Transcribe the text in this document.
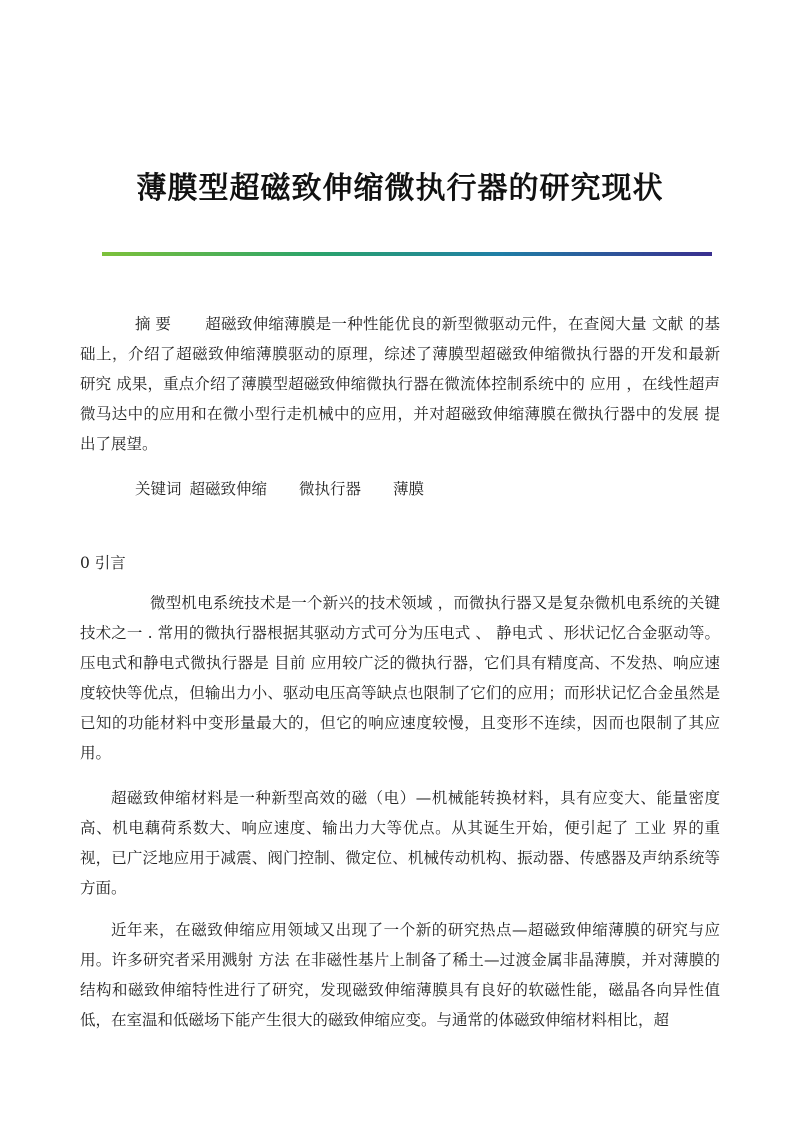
薄膜型超磁致伸缩微执行器的研究现状

摘 要 超磁致伸缩薄膜是一种性能优良的新型微驱动元件，在查阅大量 文献 的基础上，介绍了超磁致伸缩薄膜驱动的原理，综述了薄膜型超磁致伸缩微执行器的开发和最新 研究 成果，重点介绍了薄膜型超磁致伸缩微执行器在微流体控制系统中的 应用 ，在线性超声微马达中的应用和在微小型行走机械中的应用，并对超磁致伸缩薄膜在微执行器中的发展 提出了展望。

关键词 超磁致伸缩 微执行器 薄膜

0 引言

微型机电系统技术是一个新兴的技术领域 ，而微执行器又是复杂微机电系统的关键技术之一 . 常用的微执行器根据其驱动方式可分为压电式 、 静电式 、形状记忆合金驱动等。 压电式和静电式微执行器是 目前 应用较广泛的微执行器，它们具有精度高、不发热、响应速度较快等优点，但输出力小、驱动电压高等缺点也限制了它们的应用；而形状记忆合金虽然是已知的功能材料中变形量最大的，但它的响应速度较慢，且变形不连续，因而也限制了其应用。

超磁致伸缩材料是一种新型高效的磁（电）—机械能转换材料，具有应变大、能量密度高、机电藕荷系数大、响应速度、输出力大等优点。从其诞生开始，便引起了 工业 界的重视，已广泛地应用于减震、阀门控制、微定位、机械传动机构、振动器、传感器及声纳系统等方面。

近年来，在磁致伸缩应用领域又出现了一个新的研究热点—超磁致伸缩薄膜的研究与应用。许多研究者采用溅射 方法 在非磁性基片上制备了稀土—过渡金属非晶薄膜，并对薄膜的结构和磁致伸缩特性进行了研究，发现磁致伸缩薄膜具有良好的软磁性能，磁晶各向异性值低，在室温和低磁场下能产生很大的磁致伸缩应变。与通常的体磁致伸缩材料相比，超
